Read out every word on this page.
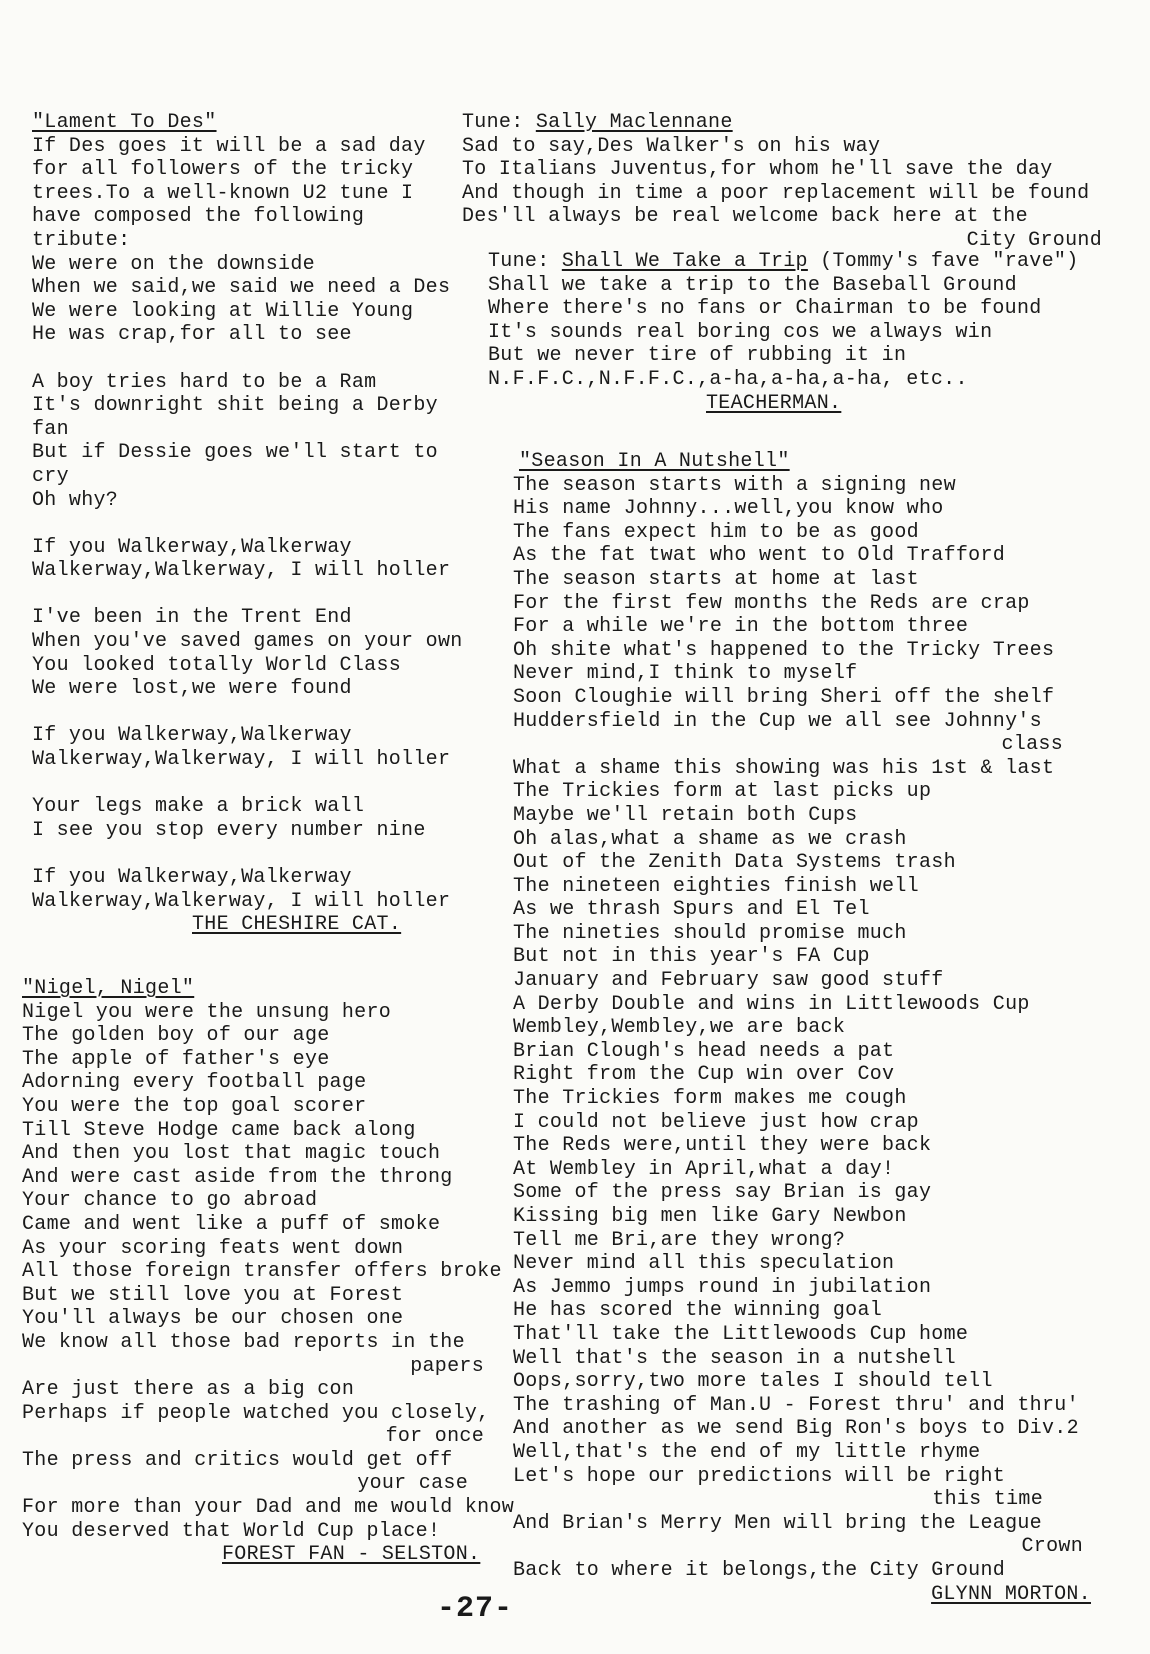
"Lament To Des"
If Des goes it will be a sad day
for all followers of the tricky
trees.To a well-known U2 tune I
have composed the following
tribute:
We were on the downside
When we said,we said we need a Des
We were looking at Willie Young
He was crap,for all to see
A boy tries hard to be a Ram
It's downright shit being a Derby
fan
But if Dessie goes we'll start to
cry
Oh why?
If you Walkerway,Walkerway
Walkerway,Walkerway, I will holler
I've been in the Trent End
When you've saved games on your own
You looked totally World Class
We were lost,we were found
If you Walkerway,Walkerway
Walkerway,Walkerway, I will holler
Your legs make a brick wall
I see you stop every number nine
If you Walkerway,Walkerway
Walkerway,Walkerway, I will holler
THE CHESHIRE CAT.
"Nigel, Nigel"
Nigel you were the unsung hero
The golden boy of our age
The apple of father's eye
Adorning every football page
You were the top goal scorer
Till Steve Hodge came back along
And then you lost that magic touch
And were cast aside from the throng
Your chance to go abroad
Came and went like a puff of smoke
As your scoring feats went down
All those foreign transfer offers broke
But we still love you at Forest
You'll always be our chosen one
We know all those bad reports in the
papers
Are just there as a big con
Perhaps if people watched you closely,
for once
The press and critics would get off
your case
For more than your Dad and me would know
You deserved that World Cup place!
FOREST FAN - SELSTON.
Tune: Sally Maclennane
Sad to say,Des Walker's on his way
To Italians Juventus,for whom he'll save the day
And though in time a poor replacement will be found
Des'll always be real welcome back here at the
City Ground
Tune: Shall We Take a Trip (Tommy's fave "rave")
Shall we take a trip to the Baseball Ground
Where there's no fans or Chairman to be found
It's sounds real boring cos we always win
But we never tire of rubbing it in
N.F.F.C.,N.F.F.C.,a-ha,a-ha,a-ha, etc..
TEACHERMAN.
"Season In A Nutshell"
The season starts with a signing new
His name Johnny...well,you know who
The fans expect him to be as good
As the fat twat who went to Old Trafford
The season starts at home at last
For the first few months the Reds are crap
For a while we're in the bottom three
Oh shite what's happened to the Tricky Trees
Never mind,I think to myself
Soon Cloughie will bring Sheri off the shelf
Huddersfield in the Cup we all see Johnny's
class
What a shame this showing was his 1st & last
The Trickies form at last picks up
Maybe we'll retain both Cups
Oh alas,what a shame as we crash
Out of the Zenith Data Systems trash
The nineteen eighties finish well
As we thrash Spurs and El Tel
The nineties should promise much
But not in this year's FA Cup
January and February saw good stuff
A Derby Double and wins in Littlewoods Cup
Wembley,Wembley,we are back
Brian Clough's head needs a pat
Right from the Cup win over Cov
The Trickies form makes me cough
I could not believe just how crap
The Reds were,until they were back
At Wembley in April,what a day!
Some of the press say Brian is gay
Kissing big men like Gary Newbon
Tell me Bri,are they wrong?
Never mind all this speculation
As Jemmo jumps round in jubilation
He has scored the winning goal
That'll take the Littlewoods Cup home
Well that's the season in a nutshell
Oops,sorry,two more tales I should tell
The trashing of Man.U - Forest thru' and thru'
And another as we send Big Ron's boys to Div.2
Well,that's the end of my little rhyme
Let's hope our predictions will be right
this time
And Brian's Merry Men will bring the League
Crown
Back to where it belongs,the City Ground
GLYNN MORTON.
-27-
